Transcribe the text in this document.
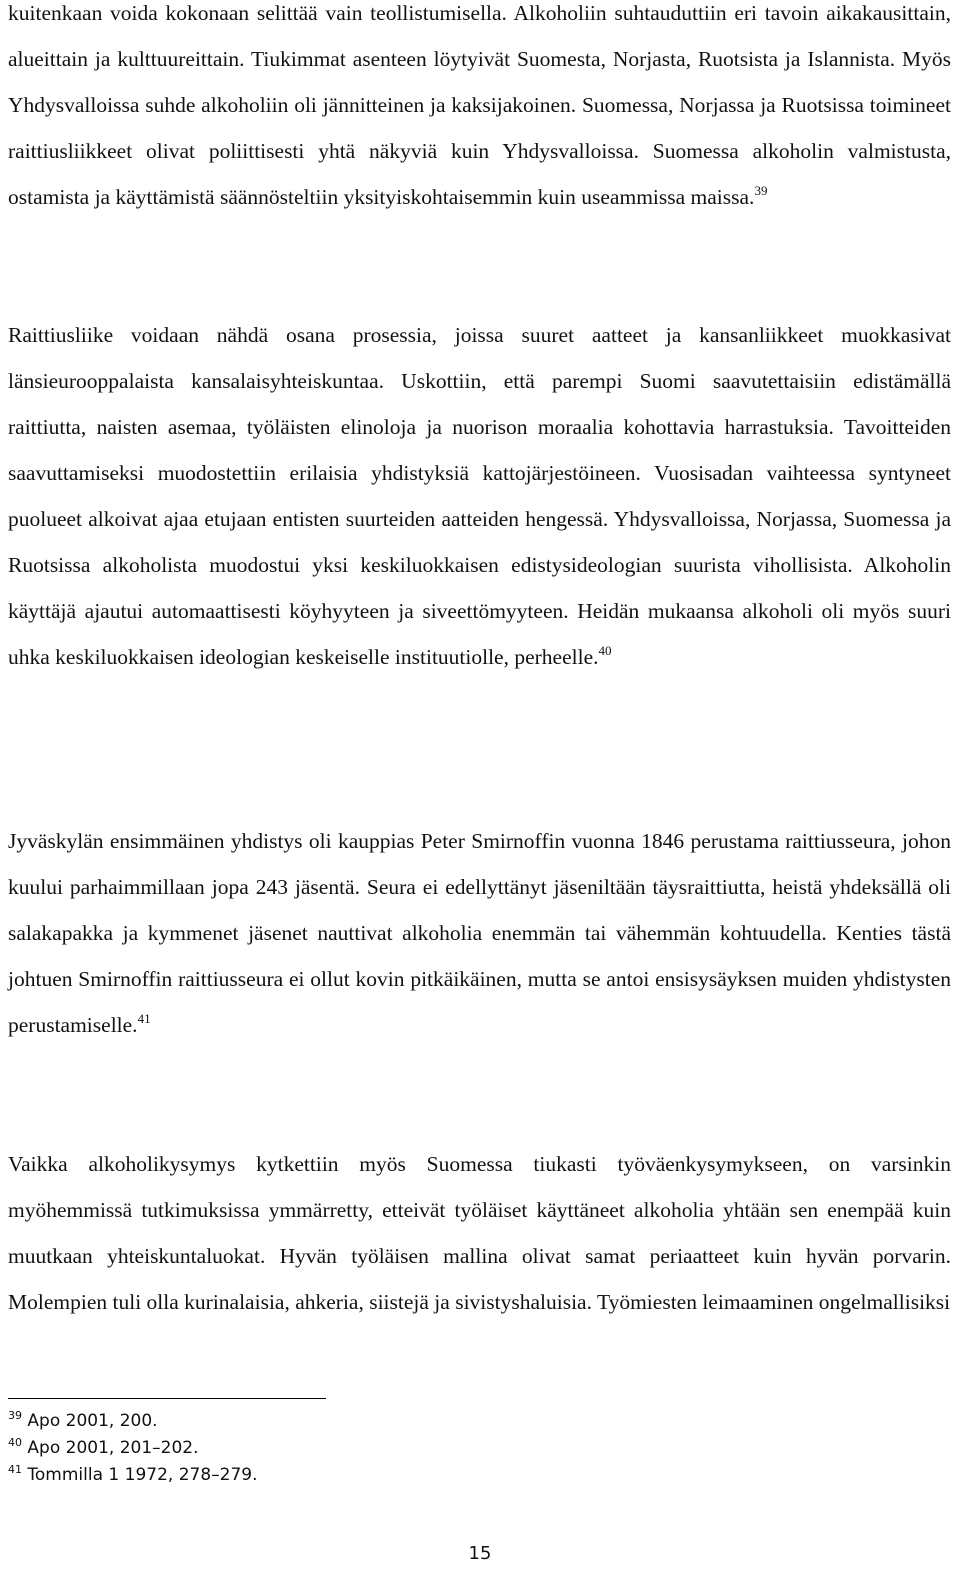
kuitenkaan voida kokonaan selittää vain teollistumisella. Alkoholiin suhtauduttiin eri tavoin aikakausittain, alueittain ja kulttuureittain. Tiukimmat asenteen löytyivät Suomesta, Norjasta, Ruotsista ja Islannista. Myös Yhdysvalloissa suhde alkoholiin oli jännitteinen ja kaksijakoinen. Suomessa, Norjassa ja Ruotsissa toimineet raittiusliikkeet olivat poliittisesti yhtä näkyviä kuin Yhdysvalloissa. Suomessa alkoholin valmistusta, ostamista ja käyttämistä säännösteltiin yksityiskohtaisemmin kuin useammissa maissa.$^{39}$

Raittiusliike voidaan nähdä osana prosessia, joissa suuret aatteet ja kansanliikkeet muokkasivat länsieurooppalaista kansalaisyhteiskuntaa. Uskottiin, että parempi Suomi saavutettaisiin edistämällä raittiutta, naisten asemaa, työläisten elinoloja ja nuorison moraalia kohottavia harrastuksia. Tavoitteiden saavuttamiseksi muodostettiin erilaisia yhdistyksiä kattojärjestöineen. Vuosisadan vaihteessa syntyneet puolueet alkoivat ajaa etujaan entisten suurteiden aatteiden hengessä. Yhdysvalloissa, Norjassa, Suomessa ja Ruotsissa alkoholista muodostui yksi keskiluokkaisen edistysideologian suurista vihollisista. Alkoholin käyttäjä ajautui automaattisesti köyhyyteen ja siveettömyyteen. Heidän mukaansa alkoholi oli myös suuri uhka keskiluokkaisen ideologian keskeiselle instituutiolle, perheelle.$^{40}$

Jyväskylän ensimmäinen yhdistys oli kauppias Peter Smirnoffin vuonna 1846 perustama raittiusseura, johon kuului parhaimmillaan jopa 243 jäsentä. Seura ei edellyttänyt jäseniltään täysraittiutta, heistä yhdeksällä oli salakapakka ja kymmenet jäsenet nauttivat alkoholia enemmän tai vähemmän kohtuudella. Kenties tästä johtuen Smirnoffin raittiusseura ei ollut kovin pitkäikäinen, mutta se antoi ensisysäyksen muiden yhdistysten perustamiselle.$^{41}$

Vaikka alkoholikysymys kytkettiin myös Suomessa tiukasti työväenkysymykseen, on varsinkin myöhemmissä tutkimuksissa ymmärretty, etteivät työläiset käyttäneet alkoholia yhtään sen enempää kuin muutkaan yhteiskuntaluokat. Hyvän työläisen mallina olivat samat periaatteet kuin hyvän porvarin. Molempien tuli olla kurinalaisia, ahkeria, siistejä ja sivistyshaluisia. Työmiesten leimaaminen ongelmallisiksi

$^{39}$ Apo 2001, 200.
$^{40}$ Apo 2001, 201–202.
$^{41}$ Tommilla 1 1972, 278–279.
15
